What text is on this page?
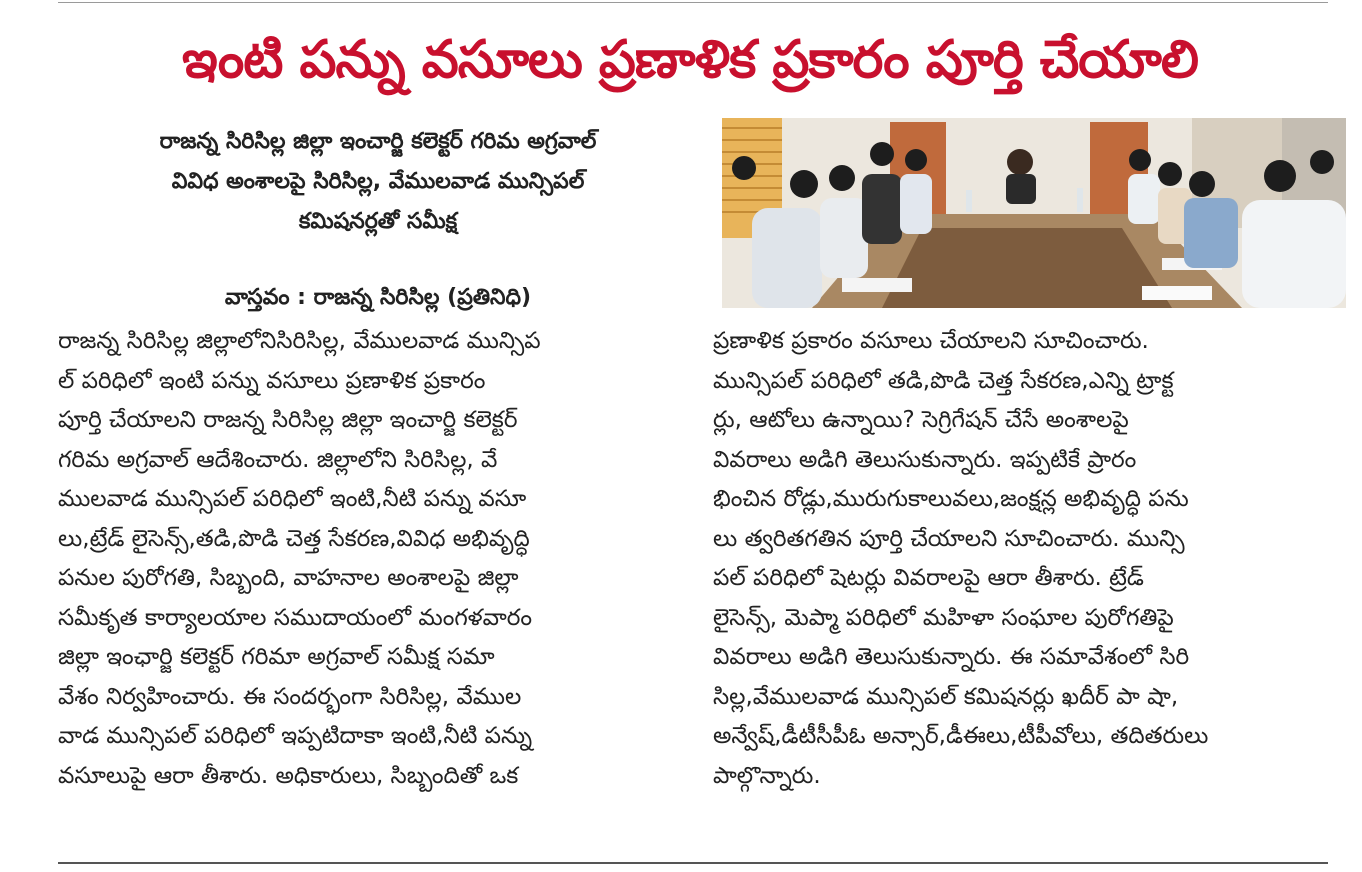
ఇంటి పన్ను వసూలు ప్రణాళిక ప్రకారం పూర్తి చేయాలి
రాజన్న సిరిసిల్ల జిల్లా ఇంచార్జి కలెక్టర్ గరిమ అగ్రవాల్
వివిధ అంశాలపై సిరిసిల్ల, వేములవాడ మున్సిపల్
కమిషనర్లతో సమీక్ష
వాస్తవం : రాజన్న సిరిసిల్ల (ప్రతినిధి)
రాజన్న సిరిసిల్ల జిల్లాలోనిసిరిసిల్ల, వేములవాడ మున్సిప
ల్ పరిధిలో ఇంటి పన్ను వసూలు ప్రణాళిక ప్రకారం
పూర్తి చేయాలని రాజన్న సిరిసిల్ల జిల్లా ఇంచార్జి కలెక్టర్
గరిమ అగ్రవాల్ ఆదేశించారు. జిల్లాలోని సిరిసిల్ల, వే
ములవాడ మున్సిపల్ పరిధిలో ఇంటి,నీటి పన్ను వసూ
లు,ట్రేడ్ లైసెన్స్,తడి,పొడి చెత్త సేకరణ,వివిధ అభివృద్ధి
పనుల పురోగతి, సిబ్బంది, వాహనాల అంశాలపై జిల్లా
సమీకృత కార్యాలయాల సముదాయంలో మంగళవారం
జిల్లా ఇంఛార్జి కలెక్టర్ గరిమా అగ్రవాల్ సమీక్ష సమా
వేశం నిర్వహించారు. ఈ సందర్భంగా సిరిసిల్ల, వేముల
వాడ మున్సిపల్ పరిధిలో ఇప్పటిదాకా ఇంటి,నీటి పన్ను
వసూలుపై ఆరా తీశారు. అధికారులు, సిబ్బందితో ఒక
ప్రణాళిక ప్రకారం వసూలు చేయాలని సూచించారు.
మున్సిపల్ పరిధిలో తడి,పొడి చెత్త సేకరణ,ఎన్ని ట్రాక్ట
ర్లు, ఆటోలు ఉన్నాయి? సెగ్రిగేషన్ చేసే అంశాలపై
వివరాలు అడిగి తెలుసుకున్నారు. ఇప్పటికే ప్రారం
భించిన రోడ్లు,మురుగుకాలువలు,జంక్షన్ల అభివృద్ధి పను
లు త్వరితగతిన పూర్తి చేయాలని సూచించారు. మున్సి
పల్ పరిధిలో షెటర్లు వివరాలపై ఆరా తీశారు. ట్రేడ్
లైసెన్స్, మెప్మా పరిధిలో మహిళా సంఘాల పురోగతిపై
వివరాలు అడిగి తెలుసుకున్నారు. ఈ సమావేశంలో సిరి
సిల్ల,వేములవాడ మున్సిపల్ కమిషనర్లు ఖదీర్ పా షా,
అన్వేష్,డీటీసీపీఓ అన్సార్,డీఈలు,టీపీవోలు, తదితరులు
పాల్గొన్నారు.
